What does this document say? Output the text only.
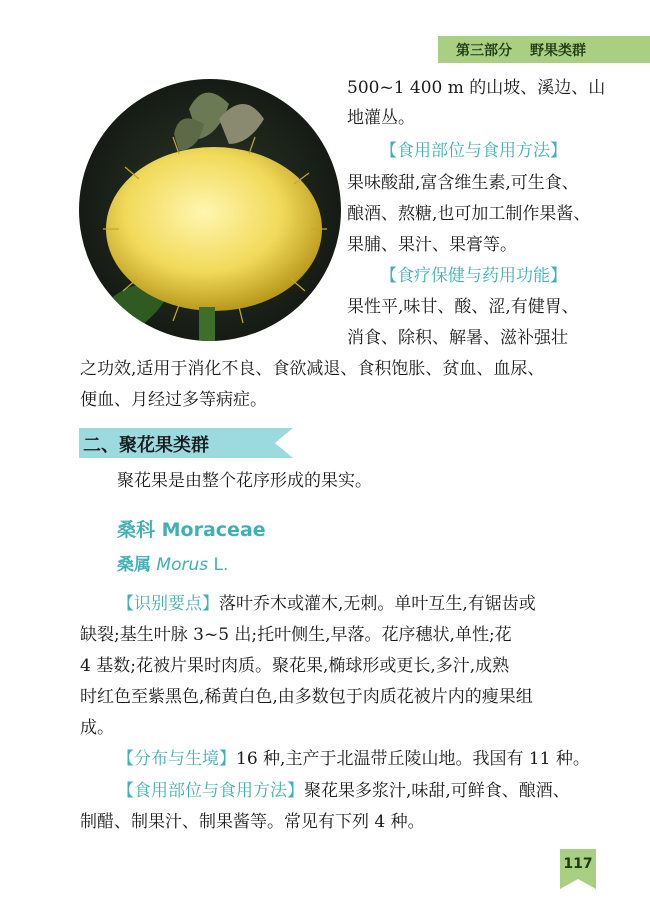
第三部分 野果类群
500~1 400 m 的山坡、溪边、山
地灌丛。
【食用部位与食用方法】
果味酸甜,富含维生素,可生食、
酿酒、熬糖,也可加工制作果酱、
果脯、果汁、果膏等。
【食疗保健与药用功能】
果性平,味甘、酸、涩,有健胃、
消食、除积、解暑、滋补强壮
之功效,适用于消化不良、食欲减退、食积饱胀、贫血、血尿、
便血、月经过多等病症。
二、聚花果类群
聚花果是由整个花序形成的果实。
桑科 Moraceae
桑属 Morus L.
【识别要点】落叶乔木或灌木,无刺。单叶互生,有锯齿或
缺裂;基生叶脉 3~5 出;托叶侧生,早落。花序穗状,单性;花
4 基数;花被片果时肉质。聚花果,椭球形或更长,多汁,成熟
时红色至紫黑色,稀黄白色,由多数包于肉质花被片内的瘦果组
成。
【分布与生境】16 种,主产于北温带丘陵山地。我国有 11 种。
【食用部位与食用方法】聚花果多浆汁,味甜,可鲜食、酿酒、
制醋、制果汁、制果酱等。常见有下列 4 种。
117
